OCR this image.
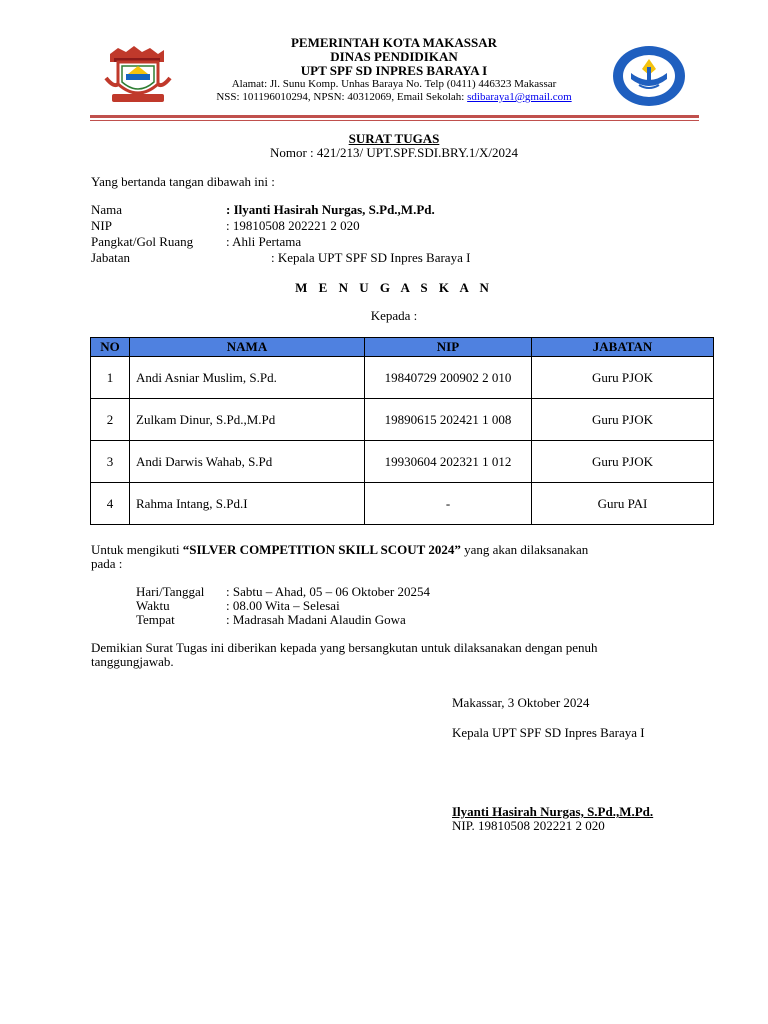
PEMERINTAH KOTA MAKASSAR
DINAS PENDIDIKAN
UPT SPF SD INPRES BARAYA I
Alamat: Jl. Sunu Komp. Unhas Baraya No. Telp (0411) 446323 Makassar
NSS: 101196010294, NPSN: 40312069, Email Sekolah: sdibaraya1@gmail.com
SURAT TUGAS
Nomor : 421/213/ UPT.SPF.SDI.BRY.1/X/2024
Yang bertanda tangan dibawah ini :
Nama	: Ilyanti Hasirah Nurgas, S.Pd.,M.Pd.
NIP	: 19810508 202221 2 020
Pangkat/Gol Ruang	: Ahli Pertama
Jabatan	: Kepala UPT SPF SD Inpres Baraya I
M E N U G A S K A N
Kepada :
NO	NAMA	NIP	JABATAN
1	Andi Asniar Muslim, S.Pd.	19840729 200902 2 010	Guru PJOK
2	Zulkam Dinur, S.Pd.,M.Pd	19890615 202421 1 008	Guru PJOK
3	Andi Darwis Wahab, S.Pd	19930604 202321 1 012	Guru PJOK
4	Rahma Intang, S.Pd.I	-	Guru PAI
Untuk mengikuti “SILVER COMPETITION SKILL SCOUT 2024” yang akan dilaksanakan
pada :
Hari/Tanggal : Sabtu – Ahad, 05 – 06 Oktober 20254
Waktu	: 08.00 Wita – Selesai
Tempat	: Madrasah Madani Alaudin Gowa
Demikian Surat Tugas ini diberikan kepada yang bersangkutan untuk dilaksanakan dengan penuh
tanggungjawab.
Makassar, 3 Oktober 2024
Kepala UPT SPF SD Inpres Baraya I
Ilyanti Hasirah Nurgas, S.Pd.,M.Pd.
NIP. 19810508 202221 2 020
